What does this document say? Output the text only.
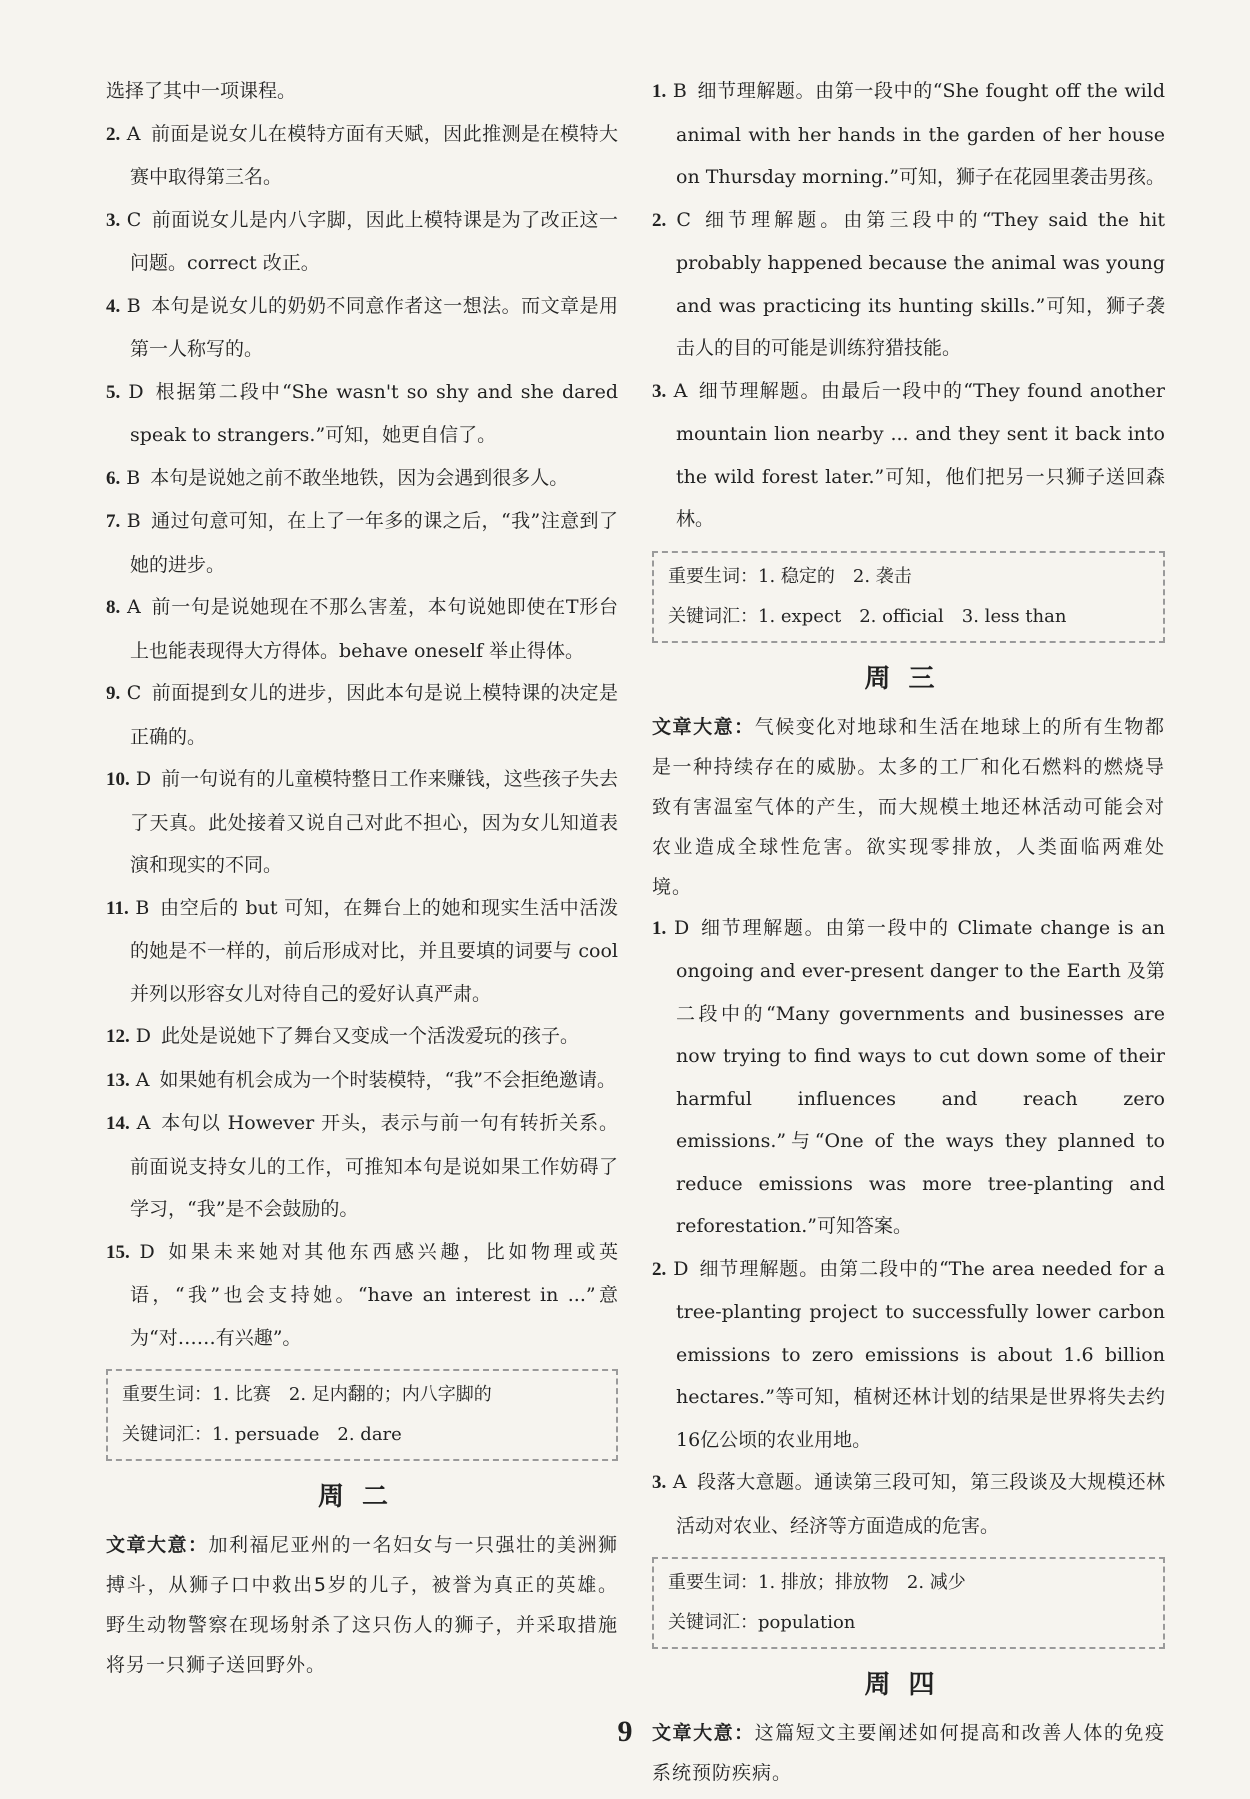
选择了其中一项课程。

2. A 前面是说女儿在模特方面有天赋，因此推测是在模特大赛中取得第三名。

3. C 前面说女儿是内八字脚，因此上模特课是为了改正这一问题。correct 改正。

4. B 本句是说女儿的奶奶不同意作者这一想法。而文章是用第一人称写的。

5. D 根据第二段中“She wasn't so shy and she dared speak to strangers.”可知，她更自信了。

6. B 本句是说她之前不敢坐地铁，因为会遇到很多人。

7. B 通过句意可知，在上了一年多的课之后，“我”注意到了她的进步。

8. A 前一句是说她现在不那么害羞，本句说她即使在T形台上也能表现得大方得体。behave oneself 举止得体。

9. C 前面提到女儿的进步，因此本句是说上模特课的决定是正确的。

10. D 前一句说有的儿童模特整日工作来赚钱，这些孩子失去了天真。此处接着又说自己对此不担心，因为女儿知道表演和现实的不同。

11. B 由空后的 but 可知，在舞台上的她和现实生活中活泼的她是不一样的，前后形成对比，并且要填的词要与 cool 并列以形容女儿对待自己的爱好认真严肃。

12. D 此处是说她下了舞台又变成一个活泼爱玩的孩子。

13. A 如果她有机会成为一个时装模特，“我”不会拒绝邀请。

14. A 本句以 However 开头，表示与前一句有转折关系。前面说支持女儿的工作，可推知本句是说如果工作妨碍了学习，“我”是不会鼓励的。

15. D 如果未来她对其他东西感兴趣，比如物理或英语，“我”也会支持她。“have an interest in ...”意为“对……有兴趣”。

重要生词：1. 比赛　2. 足内翻的；内八字脚的
关键词汇：1. persuade　2. dare
周二

文章大意：加利福尼亚州的一名妇女与一只强壮的美洲狮搏斗，从狮子口中救出5岁的儿子，被誉为真正的英雄。野生动物警察在现场射杀了这只伤人的狮子，并采取措施将另一只狮子送回野外。

1. B 细节理解题。由第一段中的“She fought off the wild animal with her hands in the garden of her house on Thursday morning.”可知，狮子在花园里袭击男孩。

2. C 细节理解题。由第三段中的“They said the hit probably happened because the animal was young and was practicing its hunting skills.”可知，狮子袭击人的目的可能是训练狩猎技能。

3. A 细节理解题。由最后一段中的“They found another mountain lion nearby ... and they sent it back into the wild forest later.”可知，他们把另一只狮子送回森林。

重要生词：1. 稳定的　2. 袭击
关键词汇：1. expect　2. official　3. less than
周三

文章大意：气候变化对地球和生活在地球上的所有生物都是一种持续存在的威胁。太多的工厂和化石燃料的燃烧导致有害温室气体的产生，而大规模土地还林活动可能会对农业造成全球性危害。欲实现零排放，人类面临两难处境。

1. D 细节理解题。由第一段中的 Climate change is an ongoing and ever-present danger to the Earth 及第二段中的“Many governments and businesses are now trying to find ways to cut down some of their harmful influences and reach zero emissions.”与“One of the ways they planned to reduce emissions was more tree-planting and reforestation.”可知答案。

2. D 细节理解题。由第二段中的“The area needed for a tree-planting project to successfully lower carbon emissions to zero emissions is about 1.6 billion hectares.”等可知，植树还林计划的结果是世界将失去约16亿公顷的农业用地。

3. A 段落大意题。通读第三段可知，第三段谈及大规模还林活动对农业、经济等方面造成的危害。

重要生词：1. 排放；排放物　2. 减少
关键词汇：population
周四

文章大意：这篇短文主要阐述如何提高和改善人体的免疫系统预防疾病。

9
